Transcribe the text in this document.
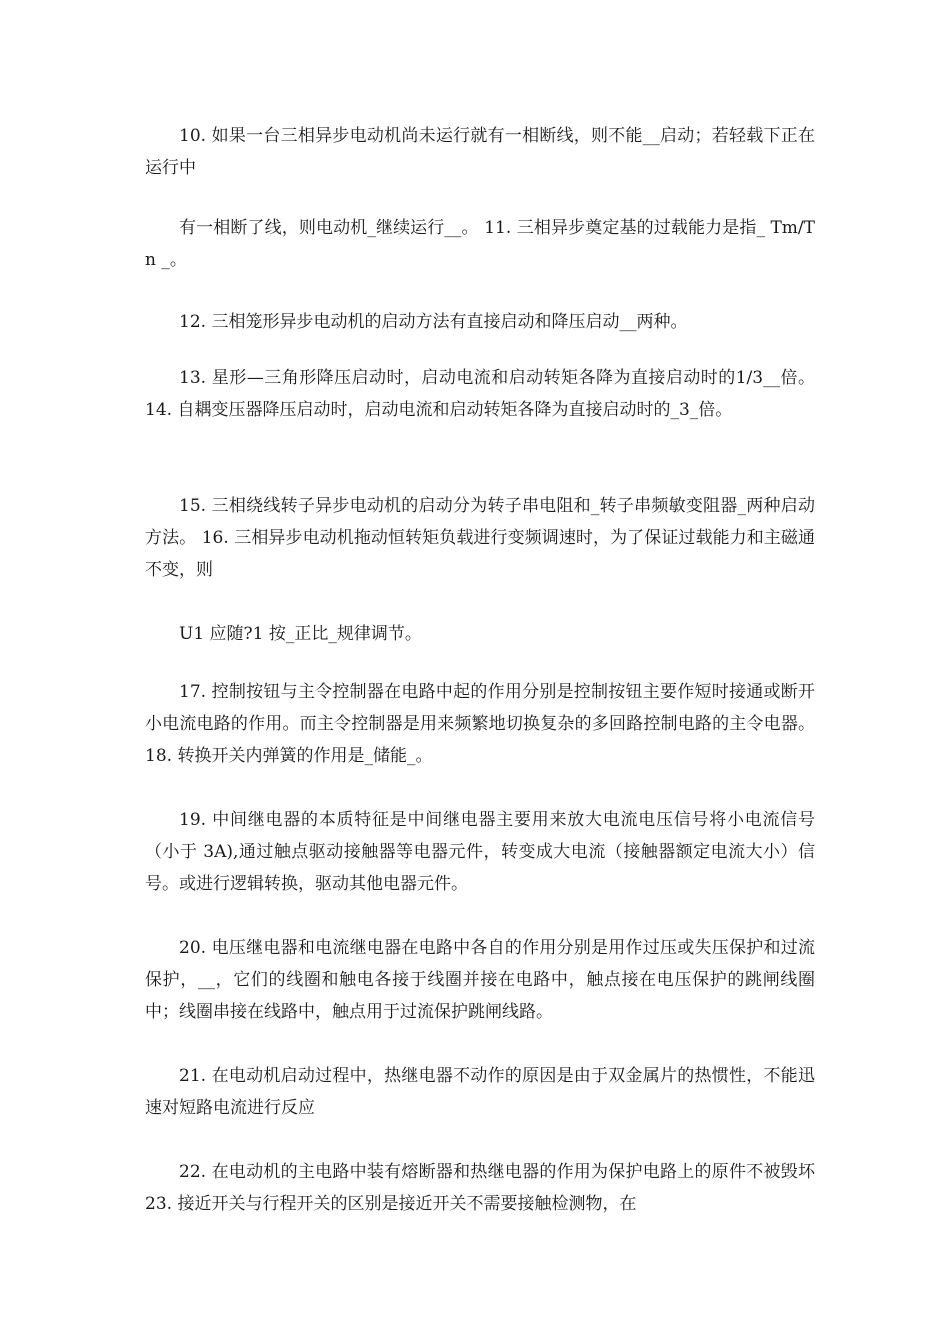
10. 如果一台三相异步电动机尚未运行就有一相断线，则不能__启动；若轻载下正在运行中

有一相断了线，则电动机_继续运行__。 11. 三相异步奠定基的过载能力是指_ Tm/Tn _。

12. 三相笼形异步电动机的启动方法有直接启动和降压启动__两种。

13. 星形—三角形降压启动时，启动电流和启动转矩各降为直接启动时的1/3__倍。 14. 自耦变压器降压启动时，启动电流和启动转矩各降为直接启动时的_3_倍。

15. 三相绕线转子异步电动机的启动分为转子串电阻和_转子串频敏变阻器_两种启动方法。 16. 三相异步电动机拖动恒转矩负载进行变频调速时，为了保证过载能力和主磁通不变，则

U1 应随?1 按_正比_规律调节。

17. 控制按钮与主令控制器在电路中起的作用分别是控制按钮主要作短时接通或断开小电流电路的作用。而主令控制器是用来频繁地切换复杂的多回路控制电路的主令电器。 18. 转换开关内弹簧的作用是_储能_。

19. 中间继电器的本质特征是中间继电器主要用来放大电流电压信号将小电流信号（小于 3A),通过触点驱动接触器等电器元件，转变成大电流（接触器额定电流大小）信号。或进行逻辑转换，驱动其他电器元件。

20. 电压继电器和电流继电器在电路中各自的作用分别是用作过压或失压保护和过流保护，__，它们的线圈和触电各接于线圈并接在电路中，触点接在电压保护的跳闸线圈中；线圈串接在线路中，触点用于过流保护跳闸线路。

21. 在电动机启动过程中，热继电器不动作的原因是由于双金属片的热惯性，不能迅速对短路电流进行反应

22. 在电动机的主电路中装有熔断器和热继电器的作用为保护电路上的原件不被毁坏 23. 接近开关与行程开关的区别是接近开关不需要接触检测物，在
